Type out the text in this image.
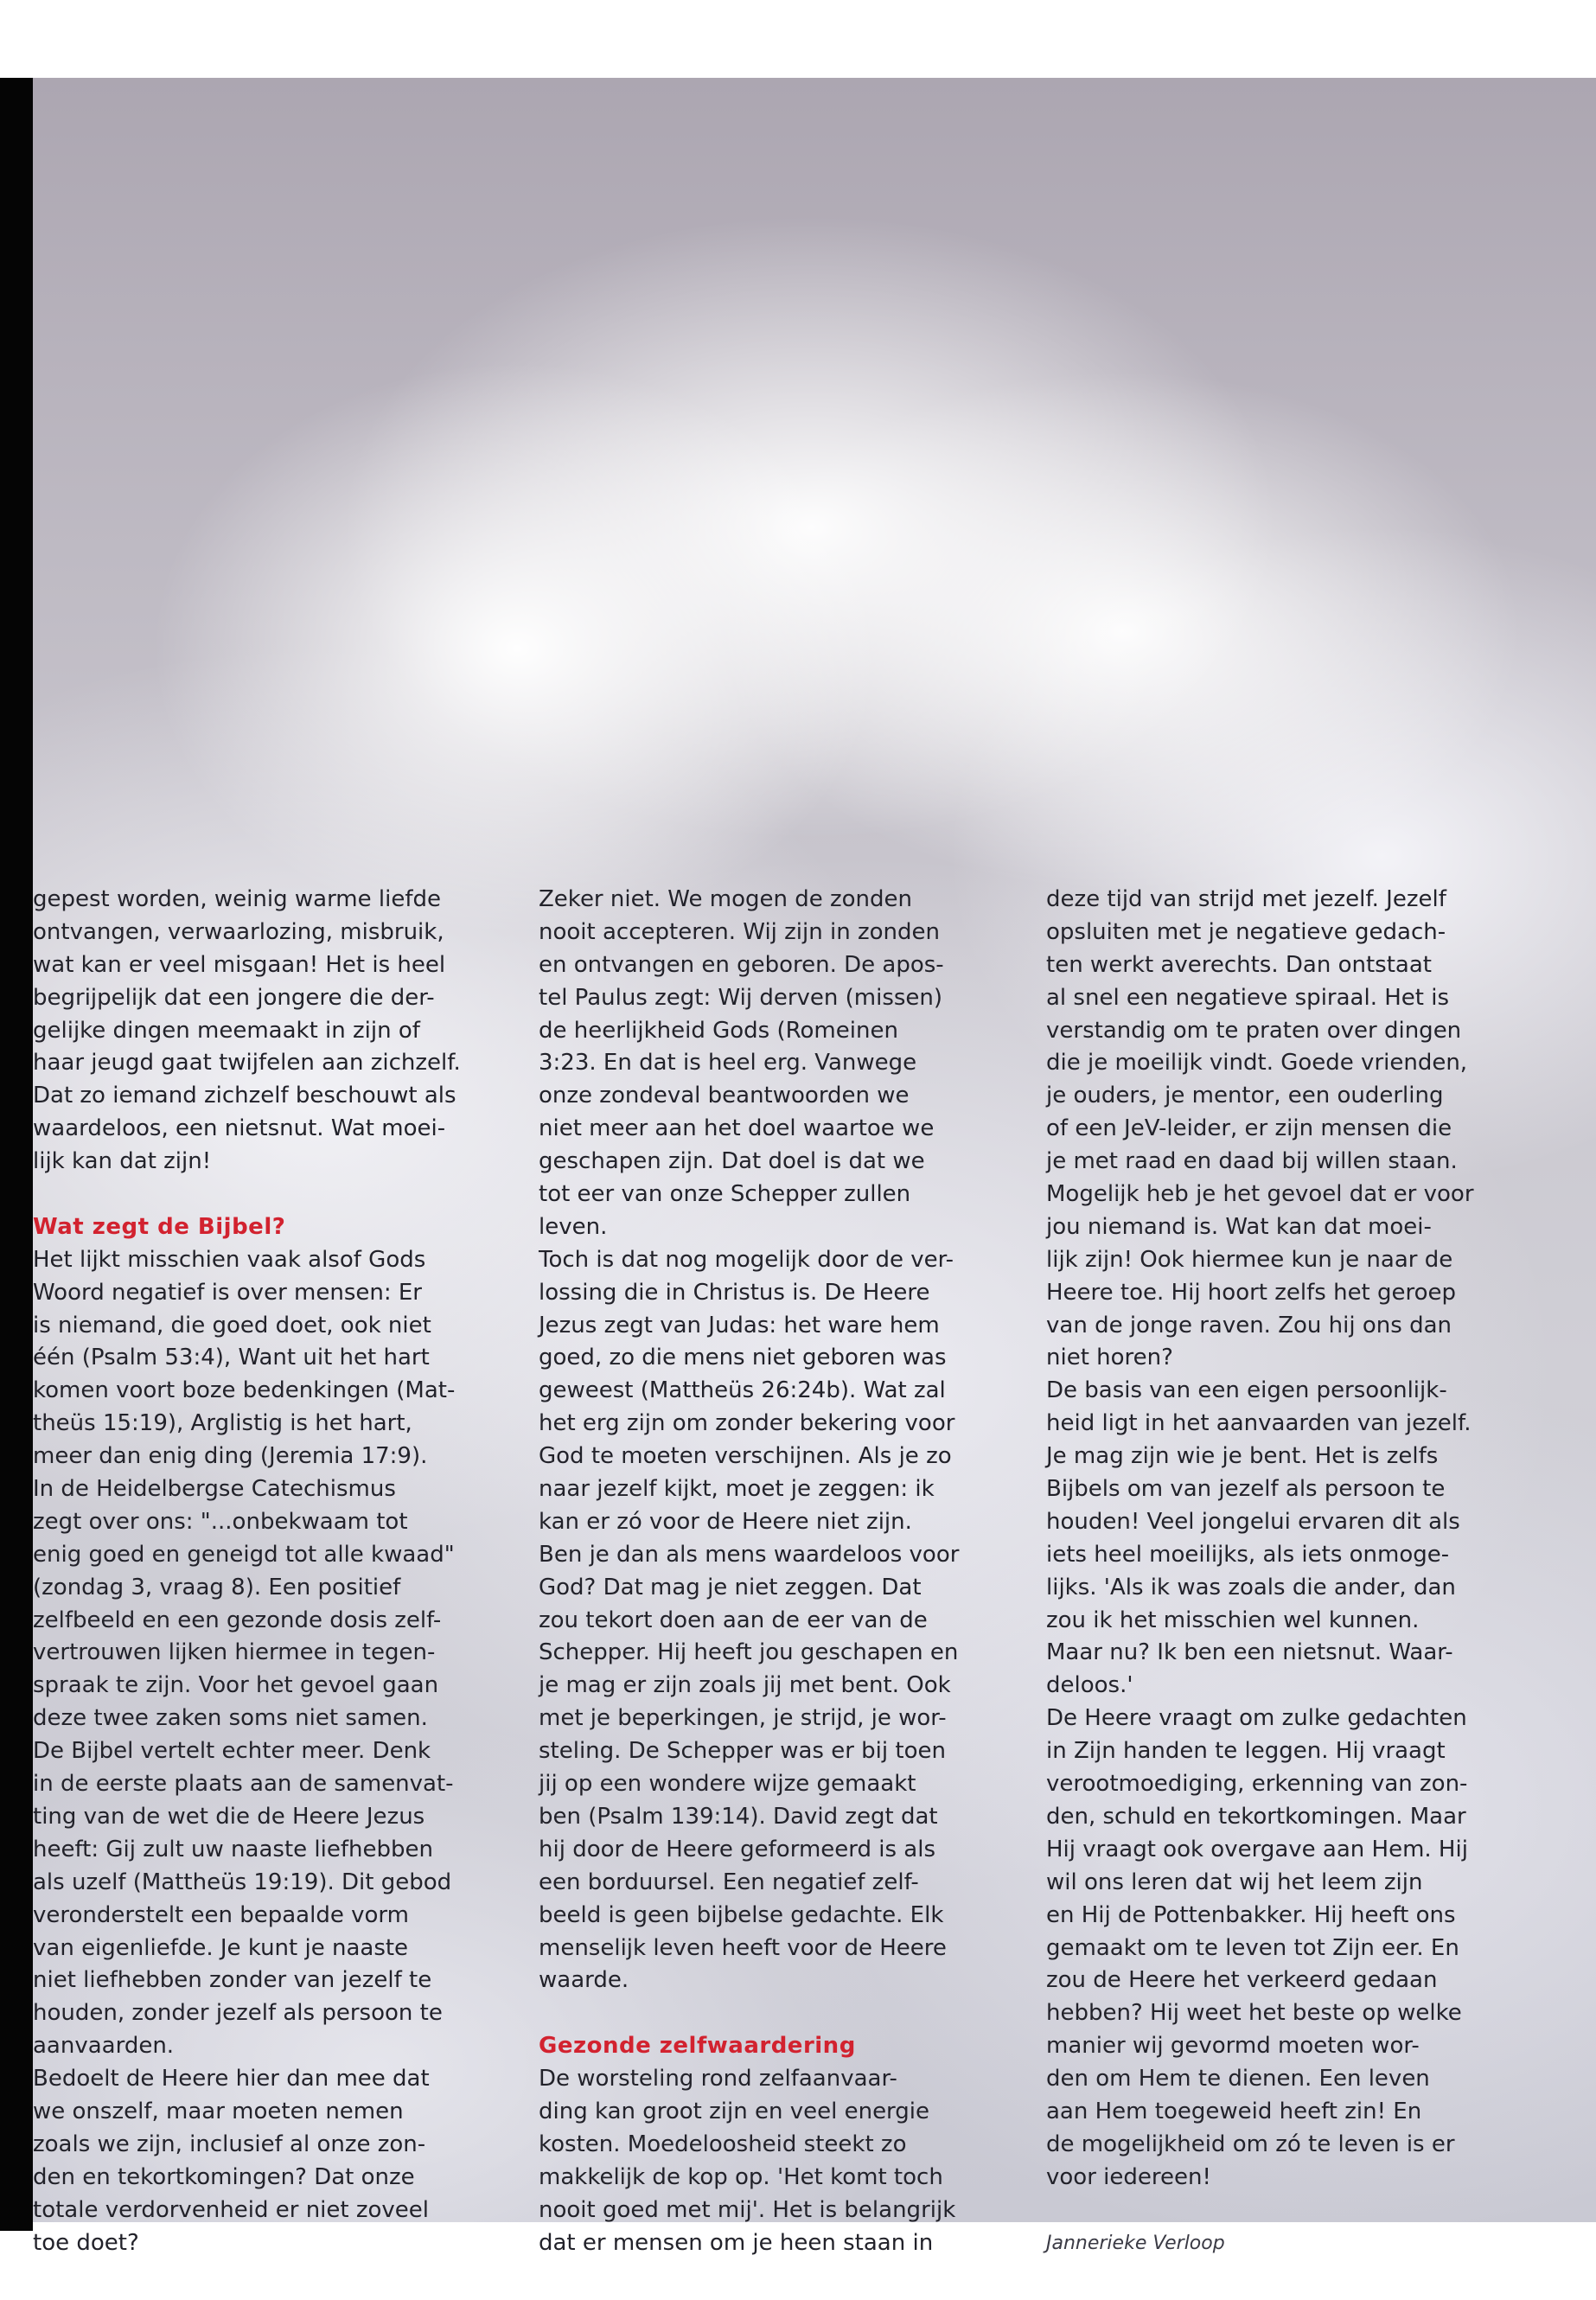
gepest worden, weinig warme liefde
ontvangen, verwaarlozing, misbruik,
wat kan er veel misgaan! Het is heel
begrijpelijk dat een jongere die der-
gelijke dingen meemaakt in zijn of
haar jeugd gaat twijfelen aan zichzelf.
Dat zo iemand zichzelf beschouwt als
waardeloos, een nietsnut. Wat moei-
lijk kan dat zijn!
Wat zegt de Bijbel?
Het lijkt misschien vaak alsof Gods
Woord negatief is over mensen: Er
is niemand, die goed doet, ook niet
één (Psalm 53:4), Want uit het hart
komen voort boze bedenkingen (Mat-
theüs 15:19), Arglistig is het hart,
meer dan enig ding (Jeremia 17:9).
In de Heidelbergse Catechismus
zegt over ons: "...onbekwaam tot
enig goed en geneigd tot alle kwaad"
(zondag 3, vraag 8). Een positief
zelfbeeld en een gezonde dosis zelf-
vertrouwen lijken hiermee in tegen-
spraak te zijn. Voor het gevoel gaan
deze twee zaken soms niet samen.
De Bijbel vertelt echter meer. Denk
in de eerste plaats aan de samenvat-
ting van de wet die de Heere Jezus
heeft: Gij zult uw naaste liefhebben
als uzelf (Mattheüs 19:19). Dit gebod
veronderstelt een bepaalde vorm
van eigenliefde. Je kunt je naaste
niet liefhebben zonder van jezelf te
houden, zonder jezelf als persoon te
aanvaarden.
Bedoelt de Heere hier dan mee dat
we onszelf, maar moeten nemen
zoals we zijn, inclusief al onze zon-
den en tekortkomingen? Dat onze
totale verdorvenheid er niet zoveel
toe doet?
Zeker niet. We mogen de zonden
nooit accepteren. Wij zijn in zonden
en ontvangen en geboren. De apos-
tel Paulus zegt: Wij derven (missen)
de heerlijkheid Gods (Romeinen
3:23. En dat is heel erg. Vanwege
onze zondeval beantwoorden we
niet meer aan het doel waartoe we
geschapen zijn. Dat doel is dat we
tot eer van onze Schepper zullen
leven.
Toch is dat nog mogelijk door de ver-
lossing die in Christus is. De Heere
Jezus zegt van Judas: het ware hem
goed, zo die mens niet geboren was
geweest (Mattheüs 26:24b). Wat zal
het erg zijn om zonder bekering voor
God te moeten verschijnen. Als je zo
naar jezelf kijkt, moet je zeggen: ik
kan er zó voor de Heere niet zijn.
Ben je dan als mens waardeloos voor
God? Dat mag je niet zeggen. Dat
zou tekort doen aan de eer van de
Schepper. Hij heeft jou geschapen en
je mag er zijn zoals jij met bent. Ook
met je beperkingen, je strijd, je wor-
steling. De Schepper was er bij toen
jij op een wondere wijze gemaakt
ben (Psalm 139:14). David zegt dat
hij door de Heere geformeerd is als
een borduursel. Een negatief zelf-
beeld is geen bijbelse gedachte. Elk
menselijk leven heeft voor de Heere
waarde.
Gezonde zelfwaardering
De worsteling rond zelfaanvaar-
ding kan groot zijn en veel energie
kosten. Moedeloosheid steekt zo
makkelijk de kop op. 'Het komt toch
nooit goed met mij'. Het is belangrijk
dat er mensen om je heen staan in
deze tijd van strijd met jezelf. Jezelf
opsluiten met je negatieve gedach-
ten werkt averechts. Dan ontstaat
al snel een negatieve spiraal. Het is
verstandig om te praten over dingen
die je moeilijk vindt. Goede vrienden,
je ouders, je mentor, een ouderling
of een JeV-leider, er zijn mensen die
je met raad en daad bij willen staan.
Mogelijk heb je het gevoel dat er voor
jou niemand is. Wat kan dat moei-
lijk zijn! Ook hiermee kun je naar de
Heere toe. Hij hoort zelfs het geroep
van de jonge raven. Zou hij ons dan
niet horen?
De basis van een eigen persoonlijk-
heid ligt in het aanvaarden van jezelf.
Je mag zijn wie je bent. Het is zelfs
Bijbels om van jezelf als persoon te
houden! Veel jongelui ervaren dit als
iets heel moeilijks, als iets onmoge-
lijks. 'Als ik was zoals die ander, dan
zou ik het misschien wel kunnen.
Maar nu? Ik ben een nietsnut. Waar-
deloos.'
De Heere vraagt om zulke gedachten
in Zijn handen te leggen. Hij vraagt
verootmoediging, erkenning van zon-
den, schuld en tekortkomingen. Maar
Hij vraagt ook overgave aan Hem. Hij
wil ons leren dat wij het leem zijn
en Hij de Pottenbakker. Hij heeft ons
gemaakt om te leven tot Zijn eer. En
zou de Heere het verkeerd gedaan
hebben? Hij weet het beste op welke
manier wij gevormd moeten wor-
den om Hem te dienen. Een leven
aan Hem toegeweid heeft zin! En
de mogelijkheid om zó te leven is er
voor iedereen!
Jannerieke Verloop
